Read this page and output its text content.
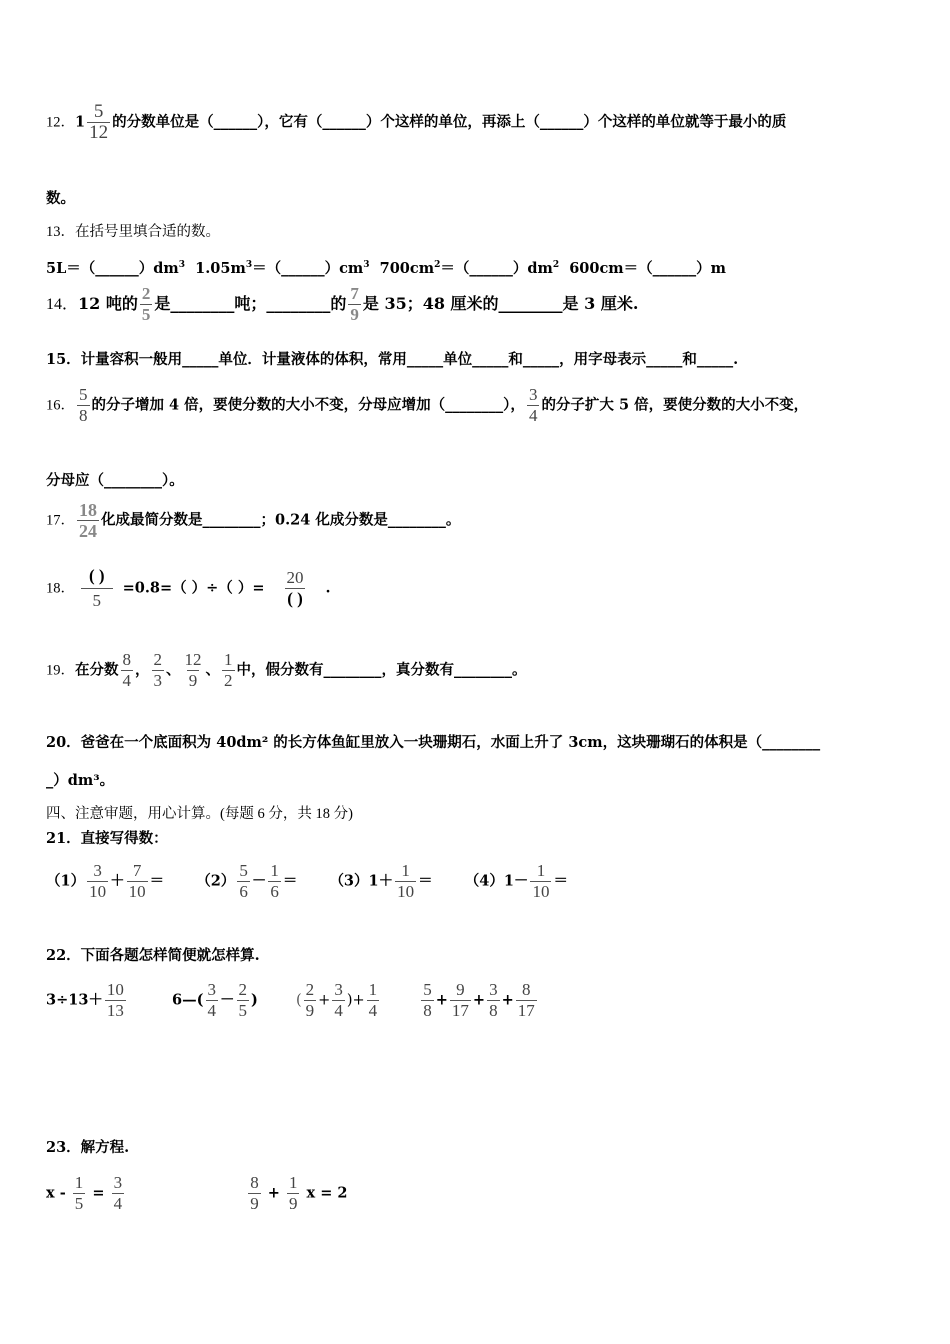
12．$1 \frac{5}{12}$ 的分数单位是（______），它有（______）个这样的单位，再添上（______）个这样的单位就等于最小的质
数。
13．在括号里填合适的数。
$5L=(\_\_\_\_\_\_)dm^3$ $1.05m^3=(\_\_\_\_\_\_)cm^3$ $700cm^2=(\_\_\_\_\_\_)dm^2$ 600cm＝（______）m
14．12 吨的 $\frac{2}{5}$ 是________吨；________的 $\frac{7}{9}$ 是 35；48 厘米的________是 3 厘米.
15．计量容积一般用_____单位．计量液体的体积，常用_____单位_____和_____，用字母表示_____和_____.
16． $\frac{5}{8}$ 的分子增加 4 倍，要使分数的大小不变，分母应增加（________）， $\frac{3}{4}$ 的分子扩大 5 倍，要使分数的大小不变，
分母应（________）。
17． $\frac{18}{24}$ 化成最简分数是________；0.24 化成分数是________。
18．
( )
5
=0.8=（ ）÷（ ）=
20
( )
.
19．在分数 $\frac{8}{4}$ ， $\frac{2}{3}$ 、 $\frac{12}{9}$ 、 $\frac{1}{2}$ 中，假分数有________，真分数有________。
20．爸爸在一个底面积为 40dm² 的长方体鱼缸里放入一块珊期石，水面上升了 3cm，这块珊瑚石的体积是（________
_）dm³。
四、注意审题，用心计算。(每题 6 分，共 18 分)
21．直接写得数：
$(1) \frac{3}{10} + \frac{7}{10} = (2) \frac{5}{6} - \frac{1}{6} = (3)1+ \frac{1}{10} = (4)1- \frac{1}{10}$ ＝
22．下面各题怎样简便就怎样算.
$3\div 13+ \frac{10}{13}$	6—( $\frac{3}{4} - \frac{2}{5}$ )	( $\frac{2}{9} + \frac{3}{4}$ )+ $\frac{1}{4}$
$\frac{5}{8} + \frac{9}{17} + \frac{3}{8} + \frac{8}{17}$
23．解方程.
$x - \frac{1}{5} = \frac{3}{4}$
	$\frac{8}{9} + \frac{1}{9}$ x = 2
